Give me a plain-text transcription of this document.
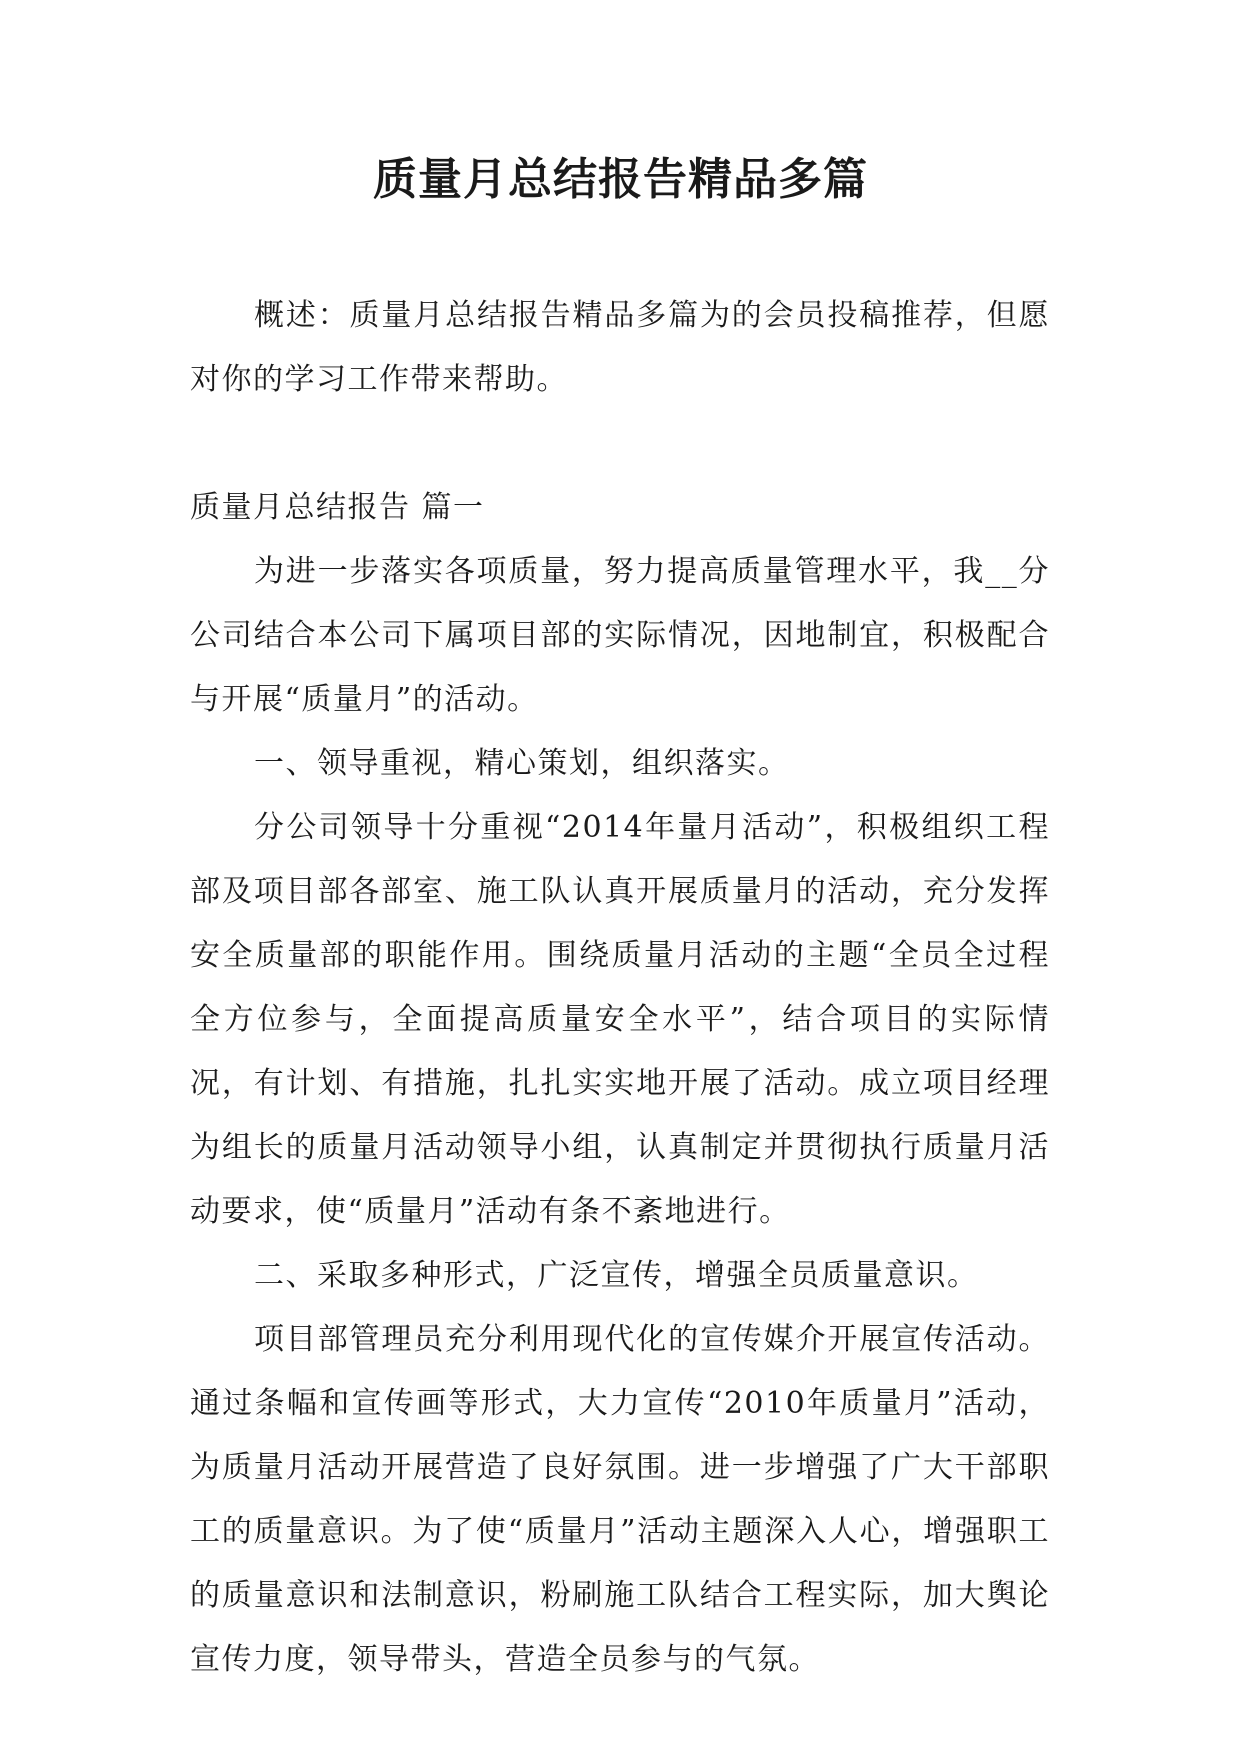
质量月总结报告精品多篇

概述：质量月总结报告精品多篇为的会员投稿推荐，但愿对你的学习工作带来帮助。

质量月总结报告 篇一

为进一步落实各项质量，努力提高质量管理水平，我__分公司结合本公司下属项目部的实际情况，因地制宜，积极配合与开展“质量月”的活动。

一、领导重视，精心策划，组织落实。

分公司领导十分重视“2014年量月活动”，积极组织工程部及项目部各部室、施工队认真开展质量月的活动，充分发挥安全质量部的职能作用。围绕质量月活动的主题“全员全过程全方位参与，全面提高质量安全水平”，结合项目的实际情况，有计划、有措施，扎扎实实地开展了活动。成立项目经理为组长的质量月活动领导小组，认真制定并贯彻执行质量月活动要求，使“质量月”活动有条不紊地进行。

二、采取多种形式，广泛宣传，增强全员质量意识。

项目部管理员充分利用现代化的宣传媒介开展宣传活动。通过条幅和宣传画等形式，大力宣传“2010年质量月”活动，为质量月活动开展营造了良好氛围。进一步增强了广大干部职工的质量意识。为了使“质量月”活动主题深入人心，增强职工的质量意识和法制意识，粉刷施工队结合工程实际，加大舆论宣传力度，领导带头，营造全员参与的气氛。
